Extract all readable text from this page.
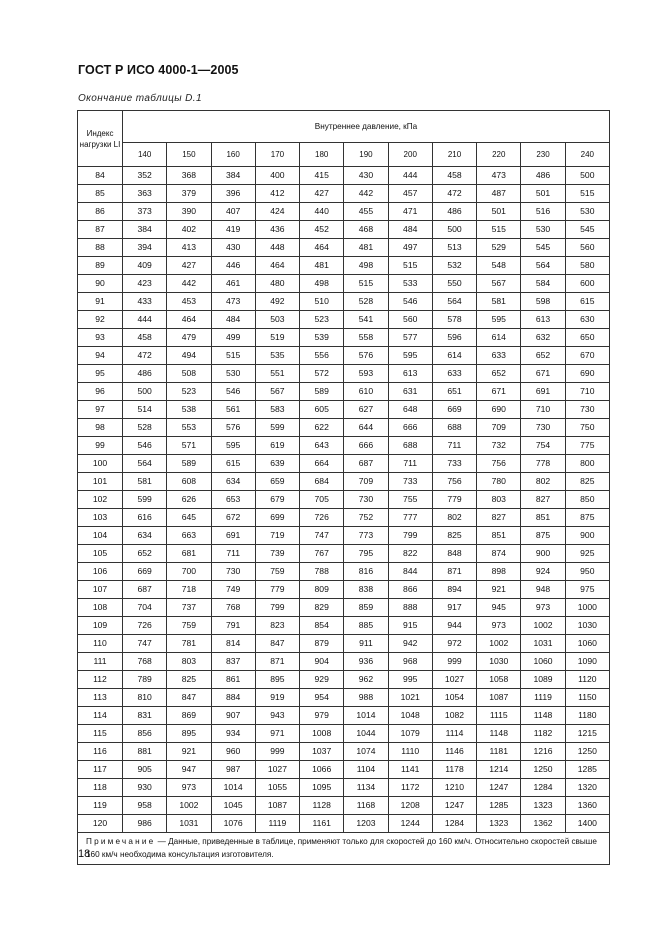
ГОСТ Р ИСО 4000-1—2005
Окончание таблицы D.1
Индекс нагрузки LI	Внутреннее давление, кПа										
	140	150	160	170	180	190	200	210	220	230	240
84	352	368	384	400	415	430	444	458	473	486	500
85	363	379	396	412	427	442	457	472	487	501	515
86	373	390	407	424	440	455	471	486	501	516	530
87	384	402	419	436	452	468	484	500	515	530	545
88	394	413	430	448	464	481	497	513	529	545	560
89	409	427	446	464	481	498	515	532	548	564	580
90	423	442	461	480	498	515	533	550	567	584	600
91	433	453	473	492	510	528	546	564	581	598	615
92	444	464	484	503	523	541	560	578	595	613	630
93	458	479	499	519	539	558	577	596	614	632	650
94	472	494	515	535	556	576	595	614	633	652	670
95	486	508	530	551	572	593	613	633	652	671	690
96	500	523	546	567	589	610	631	651	671	691	710
97	514	538	561	583	605	627	648	669	690	710	730
98	528	553	576	599	622	644	666	688	709	730	750
99	546	571	595	619	643	666	688	711	732	754	775
100	564	589	615	639	664	687	711	733	756	778	800
101	581	608	634	659	684	709	733	756	780	802	825
102	599	626	653	679	705	730	755	779	803	827	850
103	616	645	672	699	726	752	777	802	827	851	875
104	634	663	691	719	747	773	799	825	851	875	900
105	652	681	711	739	767	795	822	848	874	900	925
106	669	700	730	759	788	816	844	871	898	924	950
107	687	718	749	779	809	838	866	894	921	948	975
108	704	737	768	799	829	859	888	917	945	973	1000
109	726	759	791	823	854	885	915	944	973	1002	1030
110	747	781	814	847	879	911	942	972	1002	1031	1060
111	768	803	837	871	904	936	968	999	1030	1060	1090
112	789	825	861	895	929	962	995	1027	1058	1089	1120
113	810	847	884	919	954	988	1021	1054	1087	1119	1150
114	831	869	907	943	979	1014	1048	1082	1115	1148	1180
115	856	895	934	971	1008	1044	1079	1114	1148	1182	1215
116	881	921	960	999	1037	1074	1110	1146	1181	1216	1250
117	905	947	987	1027	1066	1104	1141	1178	1214	1250	1285
118	930	973	1014	1055	1095	1134	1172	1210	1247	1284	1320
119	958	1002	1045	1087	1128	1168	1208	1247	1285	1323	1360
120	986	1031	1076	1119	1161	1203	1244	1284	1323	1362	1400
Примечание — Данные, приведенные в таблице, применяют только для скоростей до 160 км/ч. Относительно скоростей свыше 160 км/ч необходима консультация изготовителя.											
18
